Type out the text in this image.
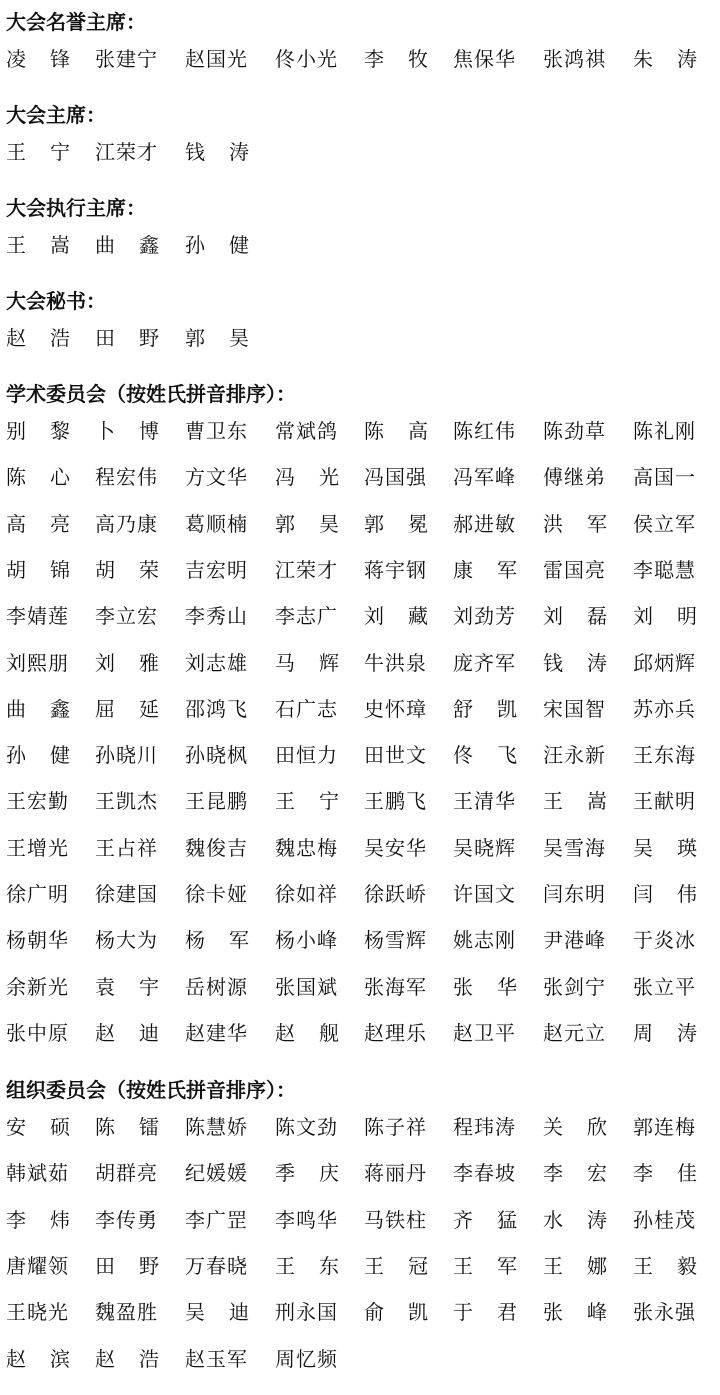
大会名誉主席：
凌 锋 张建宁 赵国光 佟小光 李 牧 焦保华 张鸿祺 朱 涛
大会主席：
王 宁 江荣才 钱 涛
大会执行主席：
王 嵩 曲 鑫 孙 健
大会秘书：
赵 浩 田 野 郭 昊
学术委员会（按姓氏拼音排序）：
别 黎 卜 博 曹卫东 常斌鸽 陈 高 陈红伟 陈劲草 陈礼刚
陈 心 程宏伟 方文华 冯 光 冯国强 冯军峰 傅继弟 高国一
高 亮 高乃康 葛顺楠 郭 昊 郭 冕 郝进敏 洪 军 侯立军
胡 锦 胡 荣 吉宏明 江荣才 蒋宇钢 康 军 雷国亮 李聪慧
李婧莲 李立宏 李秀山 李志广 刘 藏 刘劲芳 刘 磊 刘 明
刘熙朋 刘 雅 刘志雄 马 辉 牛洪泉 庞齐军 钱 涛 邱炳辉
曲 鑫 屈 延 邵鸿飞 石广志 史怀璋 舒 凯 宋国智 苏亦兵
孙 健 孙晓川 孙晓枫 田恒力 田世文 佟 飞 汪永新 王东海
王宏勤 王凯杰 王昆鹏 王 宁 王鹏飞 王清华 王 嵩 王献明
王增光 王占祥 魏俊吉 魏忠梅 吴安华 吴晓辉 吴雪海 吴 瑛
徐广明 徐建国 徐卡娅 徐如祥 徐跃峤 许国文 闫东明 闫 伟
杨朝华 杨大为 杨 军 杨小峰 杨雪辉 姚志刚 尹港峰 于炎冰
余新光 袁 宇 岳树源 张国斌 张海军 张 华 张剑宁 张立平
张中原 赵 迪 赵建华 赵 舰 赵理乐 赵卫平 赵元立 周 涛
组织委员会（按姓氏拼音排序）：
安 硕 陈 镭 陈慧娇 陈文劲 陈子祥 程玮涛 关 欣 郭连梅
韩斌茹 胡群亮 纪媛媛 季 庆 蒋丽丹 李春坡 李 宏 李 佳
李 炜 李传勇 李广罡 李鸣华 马铁柱 齐 猛 水 涛 孙桂茂
唐耀领 田 野 万春晓 王 东 王 冠 王 军 王 娜 王 毅
王晓光 魏盈胜 吴 迪 刑永国 俞 凯 于 君 张 峰 张永强
赵 滨 赵 浩 赵玉军 周忆频
